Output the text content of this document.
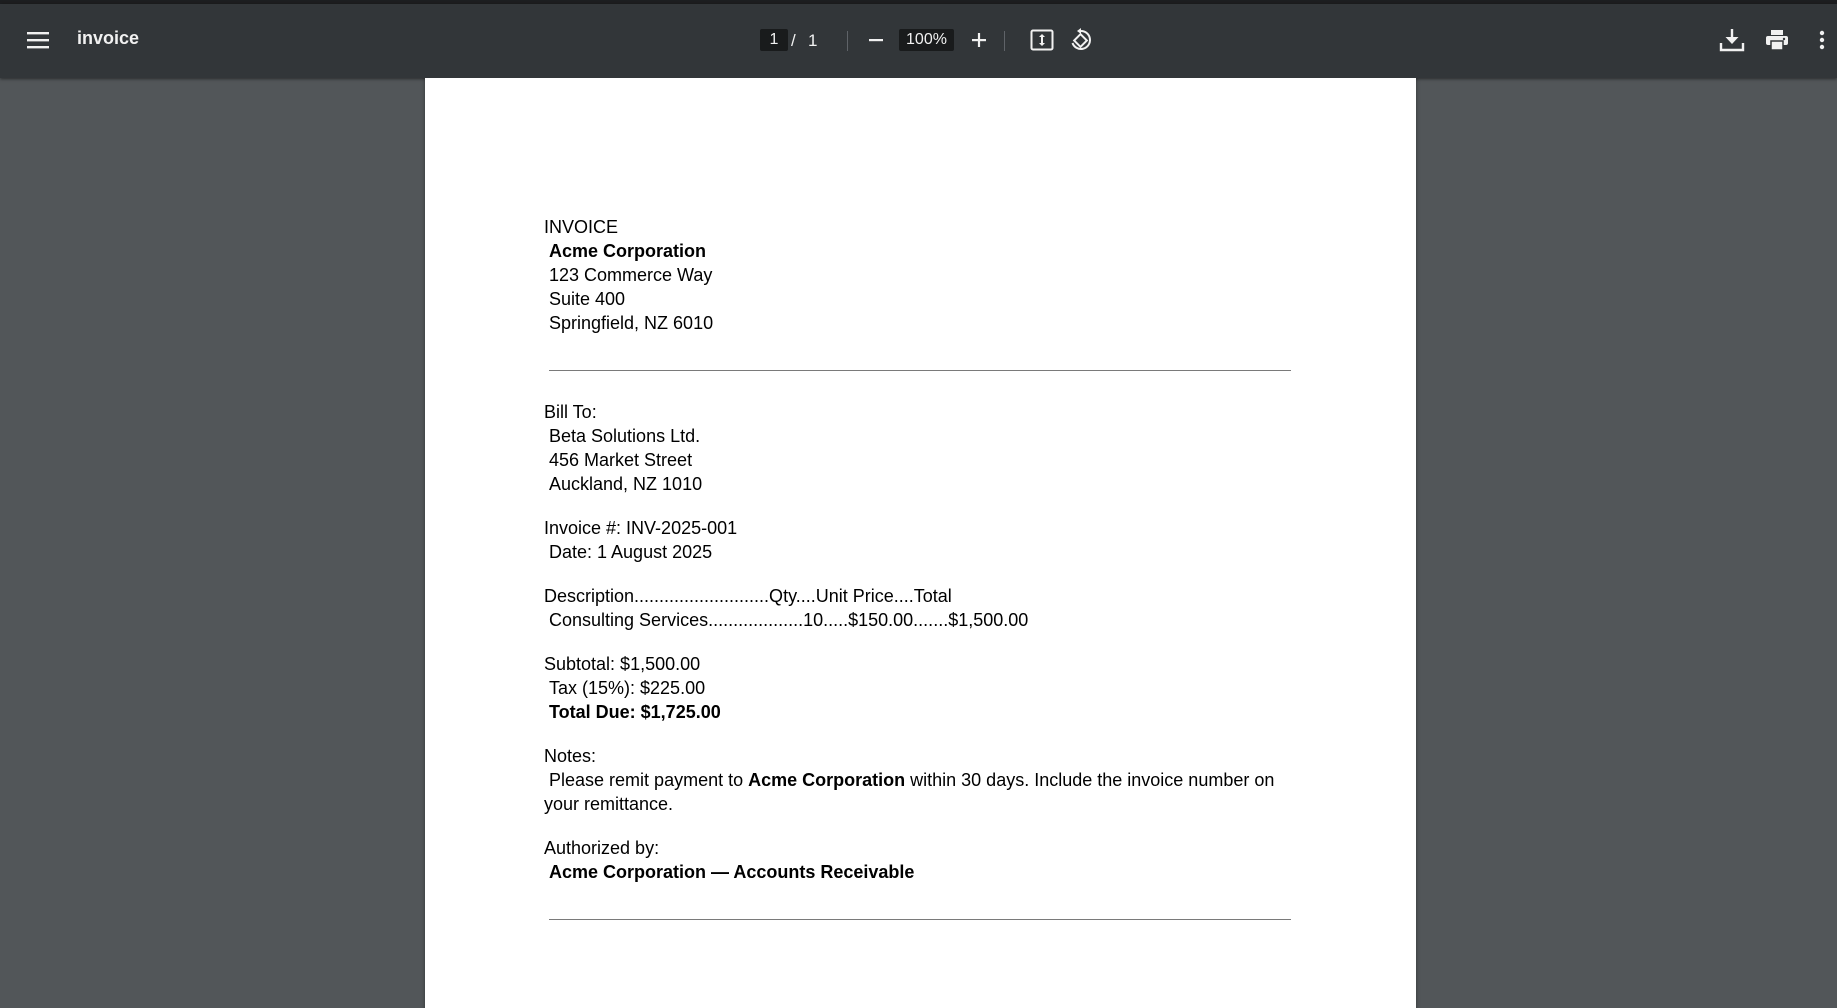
invoice	1 / 1	100%
INVOICE
Acme Corporation
123 Commerce Way
Suite 400
Springfield, NZ 6010
Bill To:
Beta Solutions Ltd.
456 Market Street
Auckland, NZ 1010
Invoice #: INV-2025-001
Date: 1 August 2025
Description...........................Qty....Unit Price....Total
Consulting Services...................10.....$150.00.......$1,500.00
Subtotal: $1,500.00
Tax (15%): $225.00
Total Due: $1,725.00
Notes:
Please remit payment to Acme Corporation within 30 days. Include the invoice number on your remittance.
Authorized by:
Acme Corporation — Accounts Receivable
